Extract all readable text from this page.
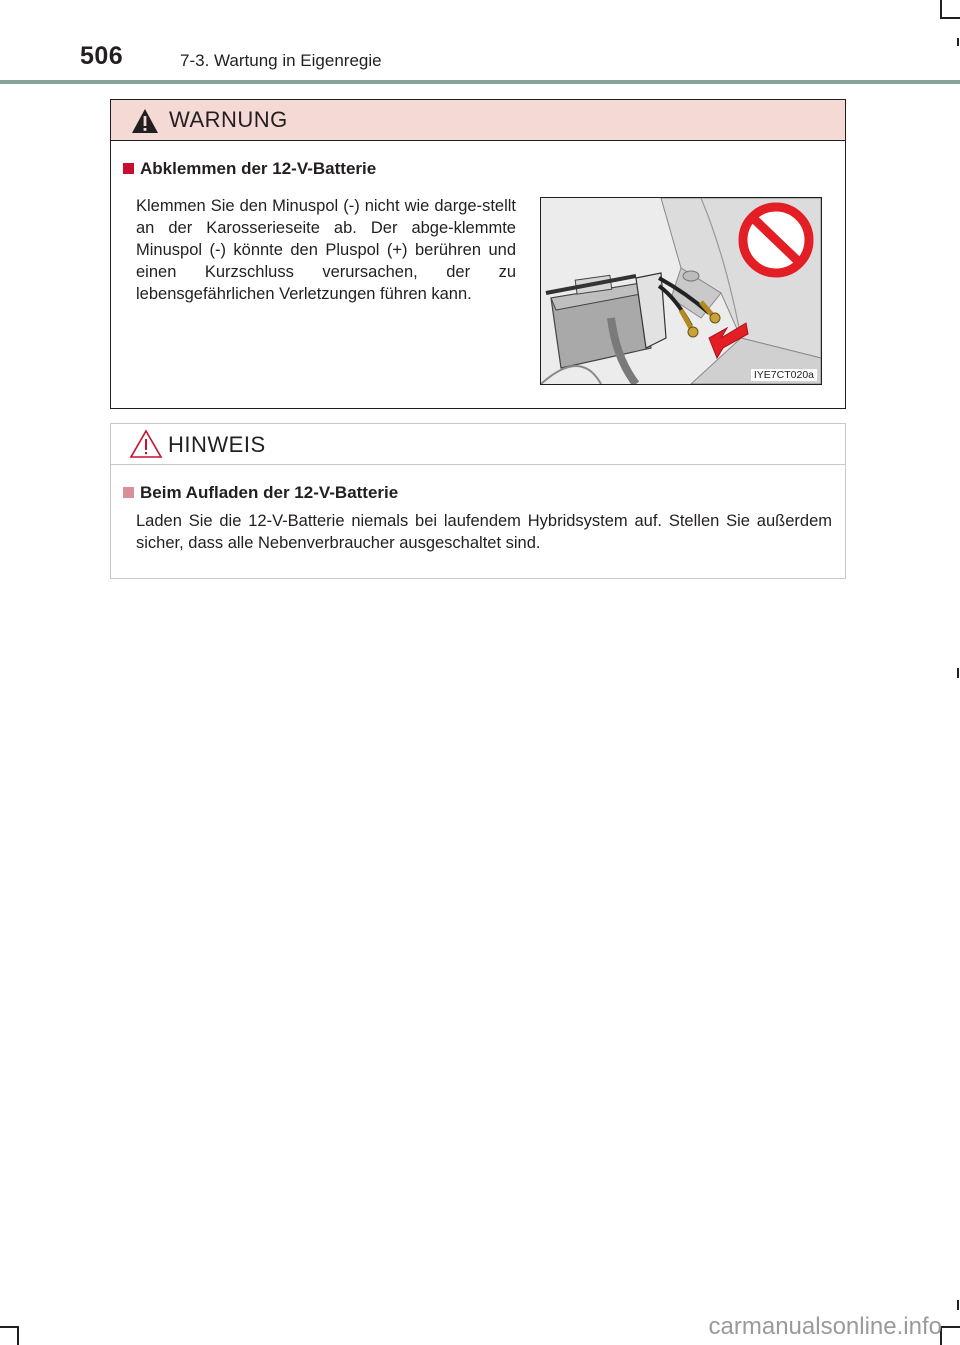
506	7-3. Wartung in Eigenregie
WARNUNG
Abklemmen der 12-V-Batterie
Klemmen Sie den Minuspol (-) nicht wie darge-stellt an der Karosserieseite ab. Der abge-klemmte Minuspol (-) könnte den Pluspol (+) berühren und einen Kurzschluss verursachen, der zu lebensgefährlichen Verletzungen führen kann.
IYE7CT020a
HINWEIS
Beim Aufladen der 12-V-Batterie
Laden Sie die 12-V-Batterie niemals bei laufendem Hybridsystem auf. Stellen Sie außerdem sicher, dass alle Nebenverbraucher ausgeschaltet sind.
carmanualsonline.info
